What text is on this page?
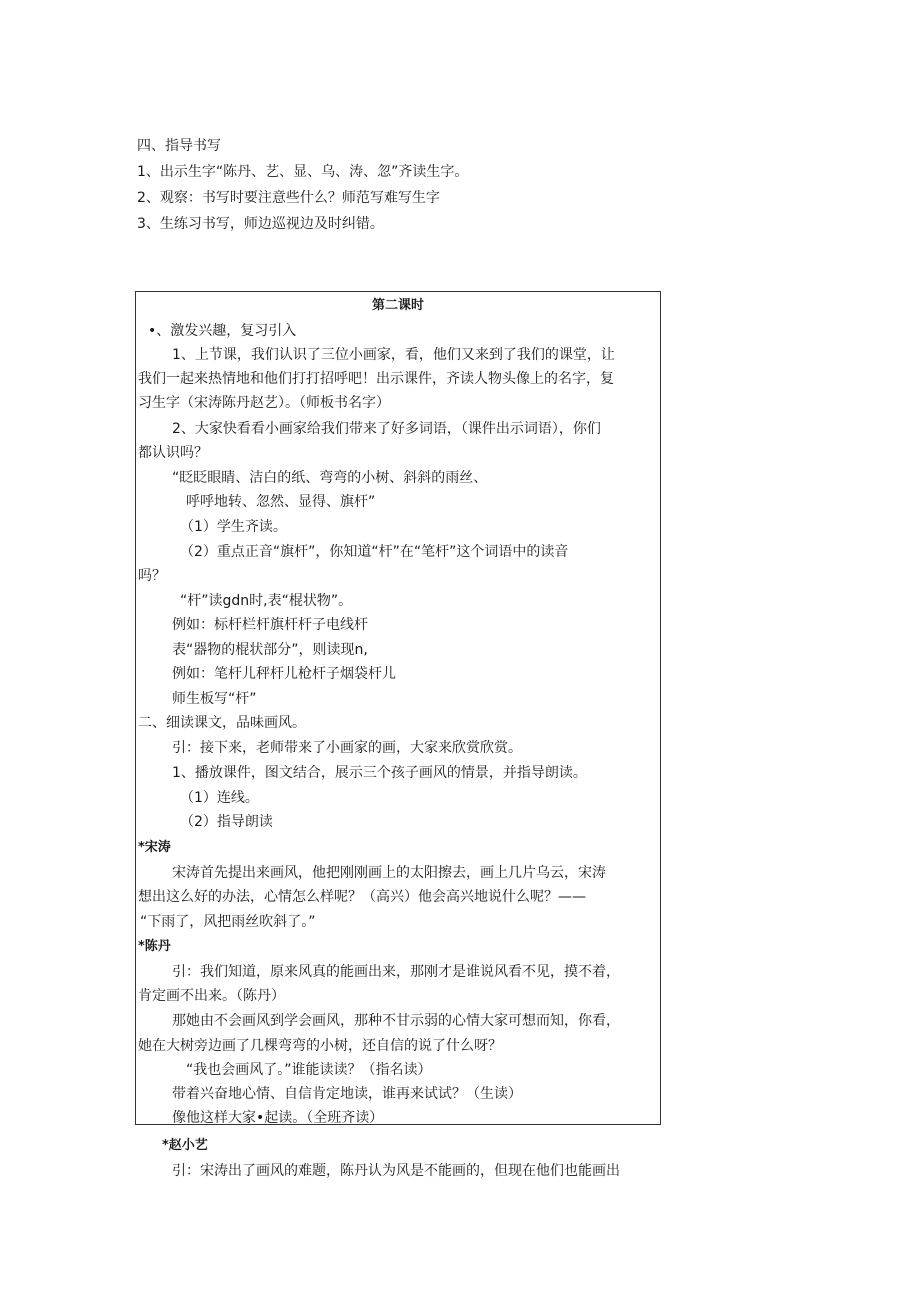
四、指导书写
1、出示生字“陈丹、艺、显、乌、涛、忽”齐读生字。
2、观察：书写时要注意些什么？师范写难写生字
3、生练习书写，师边巡视边及时纠错。
第二课时
•、激发兴趣，复习引入
1、上节课，我们认识了三位小画家，看，他们又来到了我们的课堂，让
我们一起来热情地和他们打打招呼吧！出示课件，齐读人物头像上的名字，复
习生字（宋涛陈丹赵艺）。（师板书名字）
2、大家快看看小画家给我们带来了好多词语，（课件出示词语），你们
都认识吗？
“眨眨眼睛、洁白的纸、弯弯的小树、斜斜的雨丝、
呼呼地转、忽然、显得、旗杆”
（1）学生齐读。
（2）重点正音“旗杆”，你知道“杆”在“笔杆”这个词语中的读音
吗？
“杆”读gdn时,表“棍状物”。
例如：标杆栏杆旗杆杆子电线杆
表“器物的棍状部分”，则读现n,
例如：笔杆儿秤杆儿枪杆子烟袋杆儿
师生板写“杆”
二、细读课文，品味画风。
引：接下来，老师带来了小画家的画，大家来欣赏欣赏。
1、播放课件，图文结合，展示三个孩子画风的情景，并指导朗读。
（1）连线。
（2）指导朗读
*宋涛
宋涛首先提出来画风，他把刚刚画上的太阳擦去，画上几片乌云，宋涛
想出这么好的办法，心情怎么样呢？（高兴）他会高兴地说什么呢？——
“下雨了，风把雨丝吹斜了。”
*陈丹
引：我们知道，原来风真的能画出来，那刚才是谁说风看不见，摸不着，
肯定画不出来。（陈丹）
那她由不会画风到学会画风，那种不甘示弱的心情大家可想而知，你看，
她在大树旁边画了几棵弯弯的小树，还自信的说了什么呀？
“我也会画风了。”谁能读读？（指名读）
带着兴奋地心情、自信肯定地读，谁再来试试？（生读）
像他这样大家•起读。（全班齐读）
*赵小艺
引：宋涛出了画风的难题，陈丹认为风是不能画的，但现在他们也能画出
